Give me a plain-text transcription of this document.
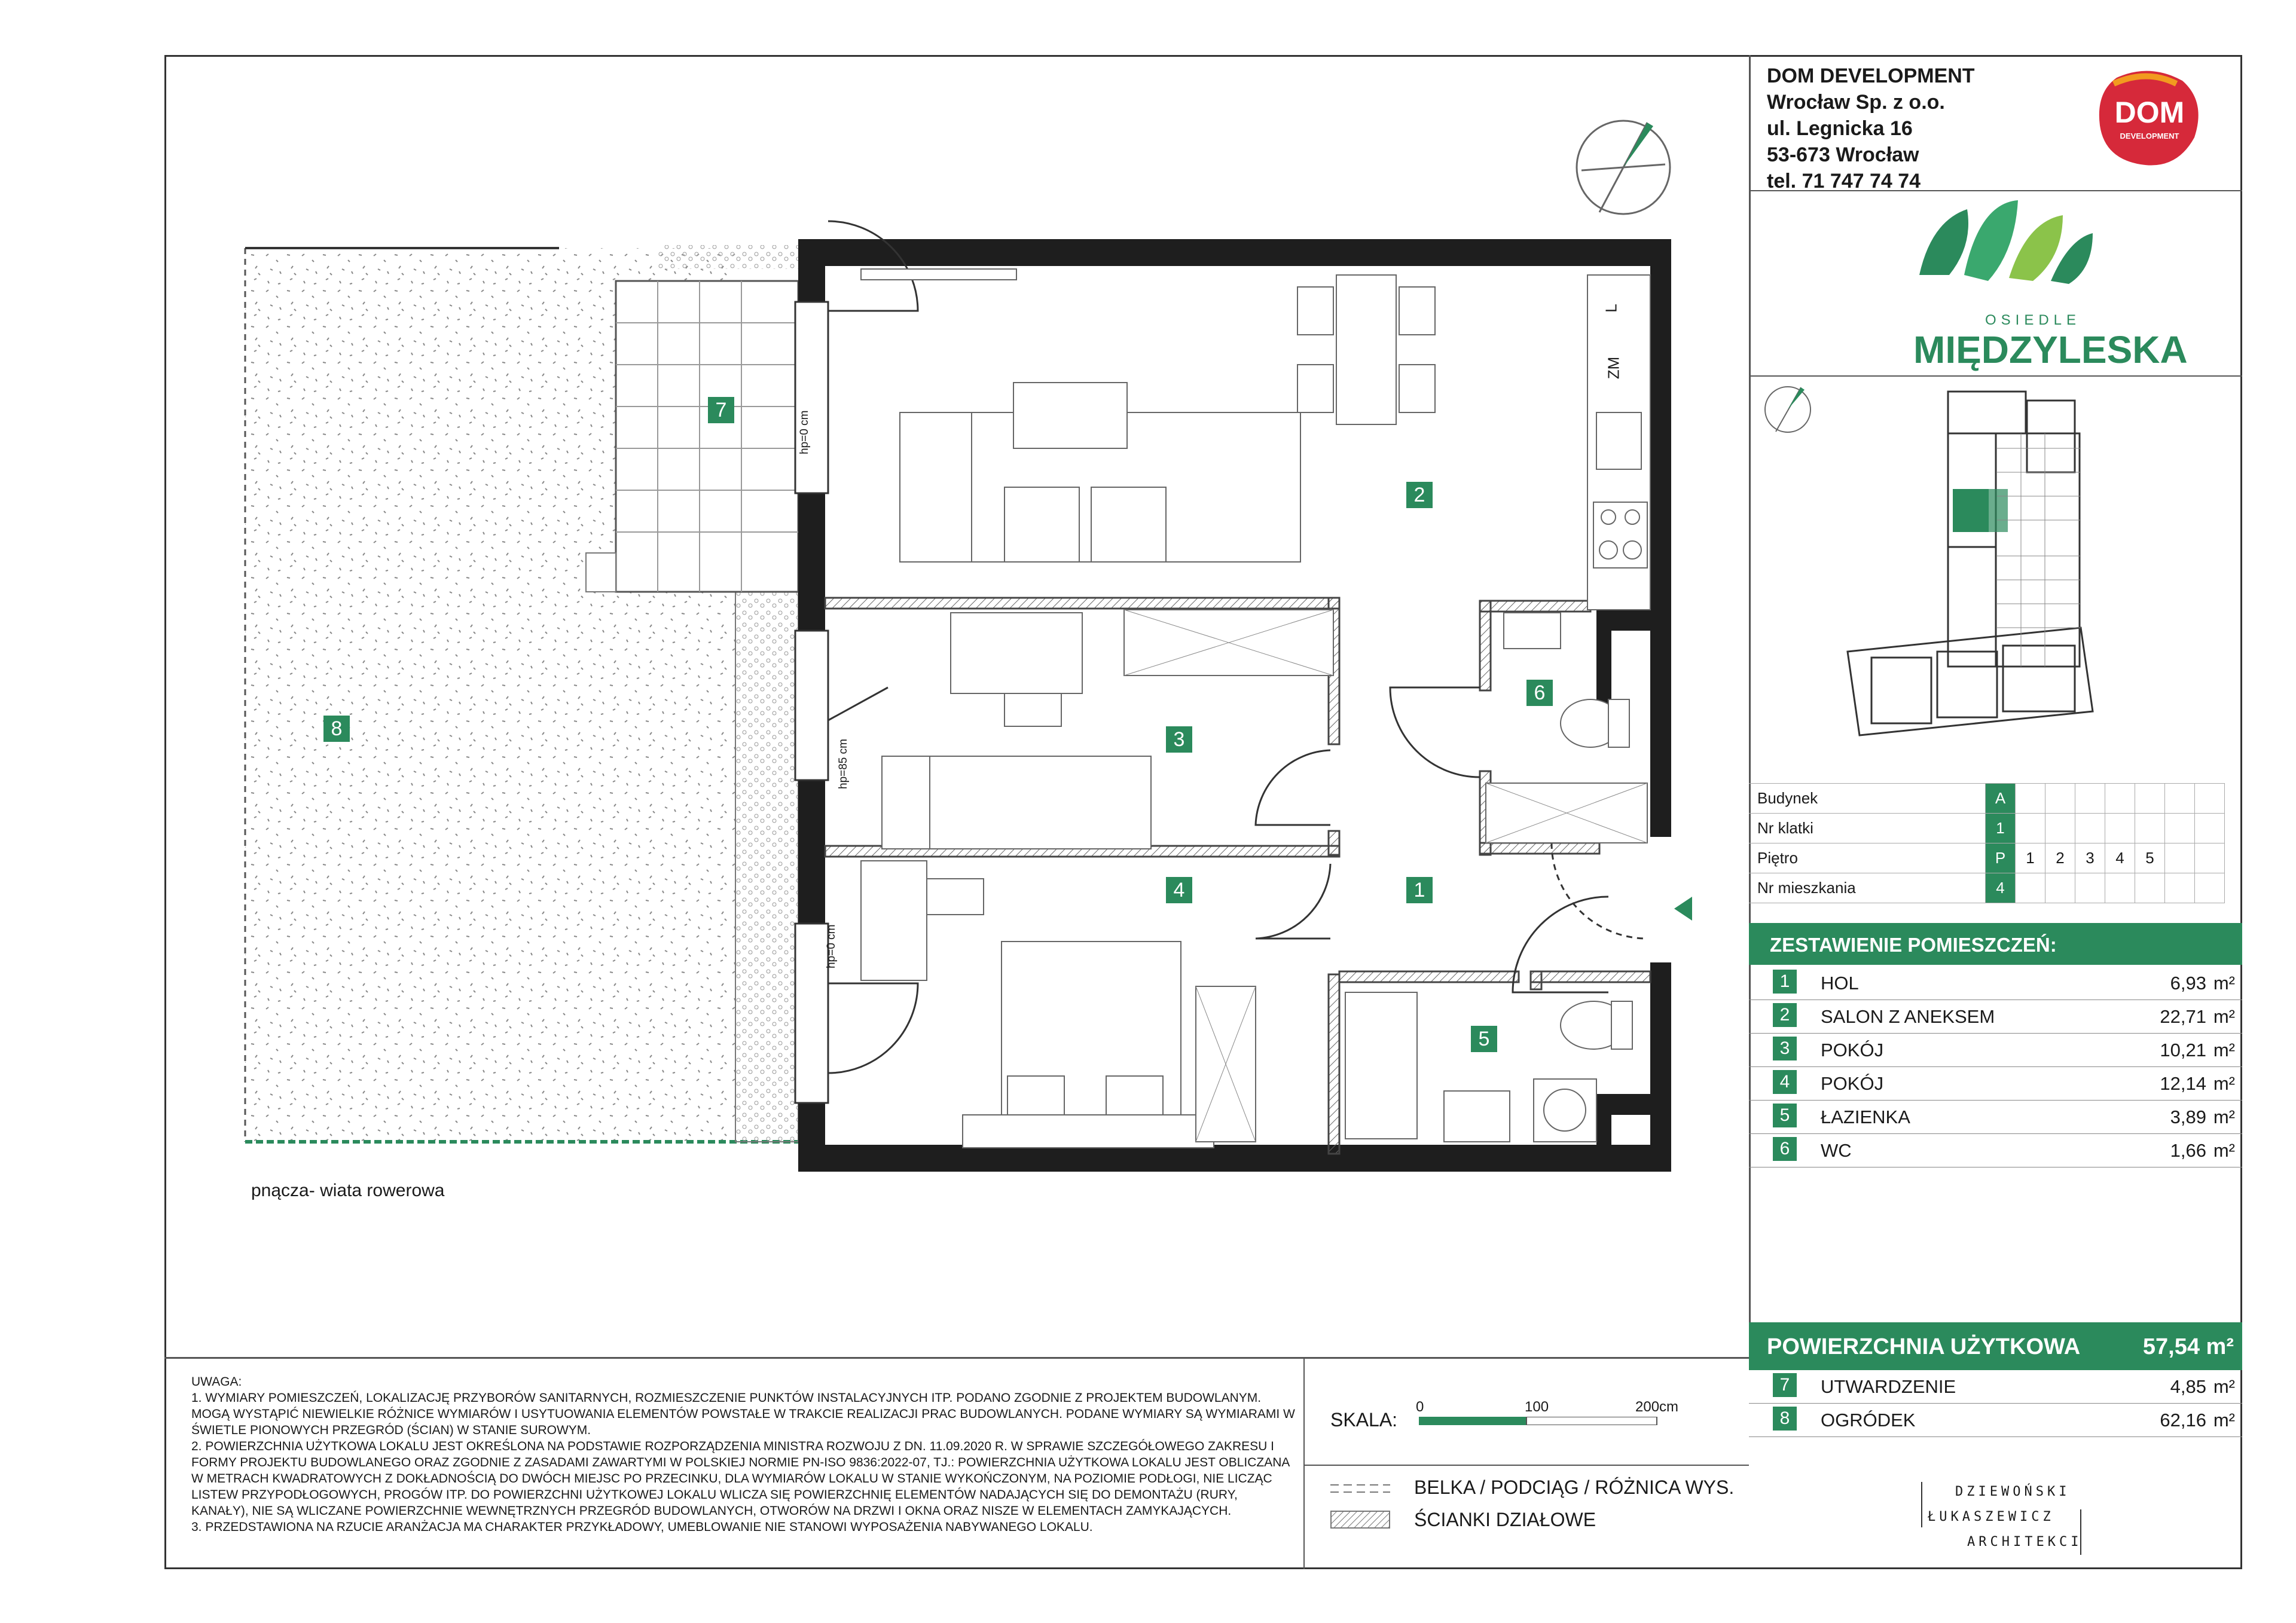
DOM DEVELOPMENT
Wrocław Sp. z o.o.
ul. Legnicka 16
53-673 Wrocław
tel. 71 747 74 74
DOM
DEVELOPMENT
OSIEDLE
MIĘDZYLESKA
Budynek	A							
Nr klatki	1							
Piętro	P	1	2	3	4	5		
Nr mieszkania	4							
ZESTAWIENIE POMIESZCZEŃ:
1	HOL	6,93 m²
2	SALON Z ANEKSEM	22,71 m²
3	POKÓJ	10,21 m²
4	POKÓJ	12,14 m²
5	ŁAZIENKA	3,89 m²
6	WC	1,66 m²
POWIERZCHNIA UŻYTKOWA	57,54 m²
7	UTWARDZENIE	4,85 m²
8	OGRÓDEK	62,16 m²
DZIEWOŃSKI
ŁUKASZEWICZ
ARCHITEKCI

UWAGA:

1. WYMIARY POMIESZCZEŃ, LOKALIZACJĘ PRZYBORÓW SANITARNYCH, ROZMIESZCZENIE PUNKTÓW INSTALACYJNYCH ITP. PODANO ZGODNIE Z PROJEKTEM BUDOWLANYM. MOGĄ WYSTĄPIĆ NIEWIELKIE RÓŻNICE WYMIARÓW I USYTUOWANIA ELEMENTÓW POWSTAŁE W TRAKCIE REALIZACJI PRAC BUDOWLANYCH. PODANE WYMIARY SĄ WYMIARAMI W ŚWIETLE PIONOWYCH PRZEGRÓD (ŚCIAN) W STANIE SUROWYM.

2. POWIERZCHNIA UŻYTKOWA LOKALU JEST OKREŚLONA NA PODSTAWIE ROZPORZĄDZENIA MINISTRA ROZWOJU Z DN. 11.09.2020 R. W SPRAWIE SZCZEGÓŁOWEGO ZAKRESU I FORMY PROJEKTU BUDOWLANEGO ORAZ ZGODNIE Z ZASADAMI ZAWARTYMI W POLSKIEJ NORMIE PN-ISO 9836:2022-07, TJ.: POWIERZCHNIA UŻYTKOWA LOKALU JEST OBLICZANA W METRACH KWADRATOWYCH Z DOKŁADNOŚCIĄ DO DWÓCH MIEJSC PO PRZECINKU, DLA WYMIARÓW LOKALU W STANIE WYKOŃCZONYM, NA POZIOMIE PODŁOGI, NIE LICZĄC LISTEW PRZYPODŁOGOWYCH, PROGÓW ITP. DO POWIERZCHNI UŻYTKOWEJ LOKALU WLICZA SIĘ POWIERZCHNIĘ ELEMENTÓW NADAJĄCYCH SIĘ DO DEMONTAŻU (RURY, KANAŁY), NIE SĄ WLICZANE POWIERZCHNIE WEWNĘTRZNYCH PRZEGRÓD BUDOWLANYCH, OTWORÓW NA DRZWI I OKNA ORAZ NISZE W ELEMENTACH ZAMYKAJĄCYCH.

3. PRZEDSTAWIONA NA RZUCIE ARANŻACJA MA CHARAKTER PRZYKŁADOWY, UMEBLOWANIE NIE STANOWI WYPOSAŻENIA NABYWANEGO LOKALU.

SKALA:
0	100	200cm
BELKA / PODCIĄG / RÓŻNICA WYS.
ŚCIANKI DZIAŁOWE
7
8
2
3
6
4	1
5
hp=0 cm
hp=85 cm
hp=0 cm
L
ZM
pnącza- wiata rowerowa
